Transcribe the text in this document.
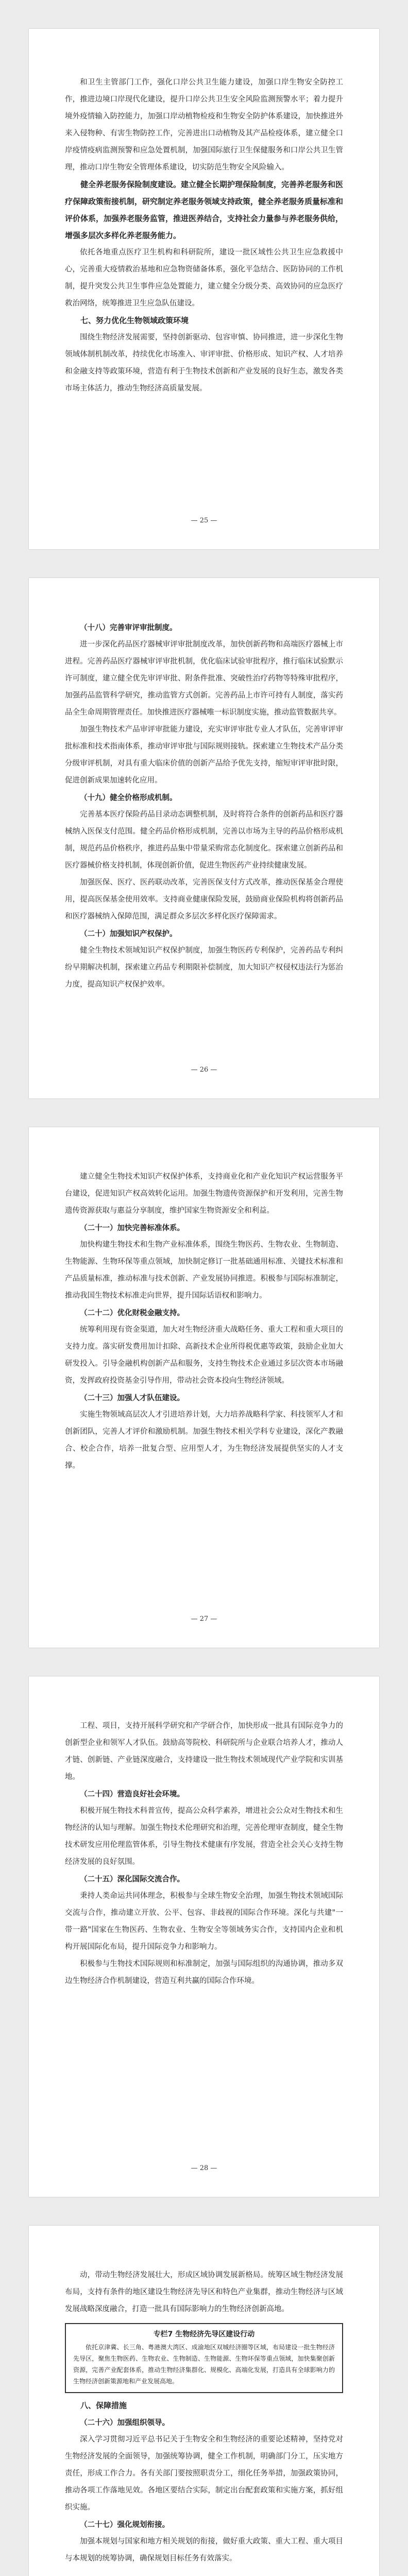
和卫生主管部门工作，强化口岸公共卫生能力建设，加强口岸生物安全防控工作，推进边境口岸现代化建设，提升口岸公共卫生安全风险监测预警水平；着力提升境外疫情输入防控能力，加强口岸动植物检疫和生物安全防护体系建设，加快推进外来入侵物种、有害生物防控工作，完善进出口动植物及其产品检疫体系，建立健全口岸疫情疫病监测预警和应急处置机制，加强国际旅行卫生保健服务和口岸公共卫生管理，推动口岸生物安全管理体系建设，切实防范生物安全风险输入。

健全养老服务保险制度建设。建立健全长期护理保险制度，完善养老服务和医疗保障政策衔接机制，研究制定养老服务领域支持政策，健全养老服务质量标准和评价体系，加强养老服务监管，推进医养结合，支持社会力量参与养老服务供给，增强多层次多样化养老服务能力。

依托各地重点医疗卫生机构和科研院所，建设一批区域性公共卫生应急救援中心，完善重大疫情救治基地和应急物资储备体系，强化平急结合、医防协同的工作机制，提升突发公共卫生事件应急处置能力，建立健全分级分类、高效协同的应急医疗救治网络，统筹推进卫生应急队伍建设。

七、努力优化生物领域政策环境

围绕生物经济发展需要，坚持创新驱动、包容审慎、协同推进，进一步深化生物领域体制机制改革，持续优化市场准入、审评审批、价格形成、知识产权、人才培养和金融支持等政策环境，营造有利于生物技术创新和产业发展的良好生态，激发各类市场主体活力，推动生物经济高质量发展。

— 25 —

（十八）完善审评审批制度。

进一步深化药品医疗器械审评审批制度改革，加快创新药物和高端医疗器械上市进程。完善药品医疗器械审评审批机制，优化临床试验审批程序，推行临床试验默示许可制度，建立健全优先审评审批、附条件批准、突破性治疗药物等特殊审批程序，加强药品监管科学研究，推动监管方式创新。完善药品上市许可持有人制度，落实药品全生命周期管理责任。加快推进医疗器械唯一标识制度实施，推动监管数据共享。

加强生物技术产品审评审批能力建设，充实审评审批专业人才队伍，完善审评审批标准和技术指南体系，推动审评审批与国际规则接轨。探索建立生物技术产品分类分级审评机制，对具有重大临床价值的创新产品给予优先支持，缩短审评审批时限，促进创新成果加速转化应用。

（十九）健全价格形成机制。

完善基本医疗保险药品目录动态调整机制，及时将符合条件的创新药品和医疗器械纳入医保支付范围。健全药品价格形成机制，完善以市场为主导的药品价格形成机制，规范药品价格秩序，推进药品集中带量采购常态化制度化。探索建立创新药品和医疗器械价格支持机制，体现创新价值，促进生物医药产业持续健康发展。

加强医保、医疗、医药联动改革，完善医保支付方式改革，推动医保基金合理使用，提高医保基金使用效率。支持商业健康保险发展，鼓励商业保险机构将创新药品和医疗器械纳入保障范围，满足群众多层次多样化医疗保障需求。

（二十）加强知识产权保护。

健全生物技术领域知识产权保护制度，加强生物医药专利保护，完善药品专利纠纷早期解决机制，探索建立药品专利期限补偿制度，加大知识产权侵权违法行为惩治力度，提高知识产权保护效率。

— 26 —

建立健全生物技术知识产权保护体系，支持商业化和产业化知识产权运营服务平台建设，促进知识产权高效转化运用。加强生物遗传资源保护和开发利用，完善生物遗传资源获取与惠益分享制度，维护国家生物资源安全和利益。

（二十一）加快完善标准体系。

加快构建生物技术和生物产业标准体系，围绕生物医药、生物农业、生物制造、生物能源、生物环保等重点领域，加快制定修订一批基础通用标准、关键技术标准和产品质量标准，推动标准与技术创新、产业发展协同推进。积极参与国际标准制定，推动我国生物技术标准走向世界，提升国际话语权和影响力。

（二十二）优化财税金融支持。

统筹利用现有资金渠道，加大对生物经济重大战略任务、重大工程和重大项目的支持力度。落实研发费用加计扣除、高新技术企业所得税优惠等政策，鼓励企业加大研发投入。引导金融机构创新产品和服务，支持生物技术企业通过多层次资本市场融资，发挥政府投资基金引导作用，带动社会资本投向生物经济领域。

（二十三）加强人才队伍建设。

实施生物领域高层次人才引进培养计划，大力培养战略科学家、科技领军人才和创新团队，完善人才评价和激励机制。加强生物技术相关学科专业建设，深化产教融合、校企合作，培养一批复合型、应用型人才，为生物经济发展提供坚实的人才支撑。

— 27 —

工程、项目，支持开展科学研究和产学研合作，加快形成一批具有国际竞争力的创新型企业和领军人才队伍。鼓励高等院校、科研院所与企业联合培养人才，推动人才链、创新链、产业链深度融合，支持建设一批生物技术领域现代产业学院和实训基地。

（二十四）营造良好社会环境。

积极开展生物技术科普宣传，提高公众科学素养，增进社会公众对生物技术和生物经济的认知与理解。加强生物技术伦理研究和治理，完善伦理审查制度，健全生物技术研发应用伦理监管体系，引导生物技术健康有序发展，营造全社会关心支持生物经济发展的良好氛围。

（二十五）深化国际交流合作。

秉持人类命运共同体理念，积极参与全球生物安全治理，加强生物技术领域国际交流与合作，推动建立开放、公平、包容、非歧视的国际合作环境。深化与共建"一带一路"国家在生物医药、生物农业、生物安全等领域务实合作，支持国内企业和机构开展国际化布局，提升国际竞争力和影响力。

积极参与生物技术国际规则和标准制定，加强与国际组织的沟通协调，推动多双边生物经济合作机制建设，营造互利共赢的国际合作环境。

— 28 —

动，带动生物经济发展壮大，形成区域协调发展新格局。统筹区域生物经济发展布局，支持有条件的地区建设生物经济先导区和特色产业集群，推动生物经济与区域发展战略深度融合，打造一批具有国际影响力的生物经济创新高地。

专栏7 生物经济先导区建设行动

依托京津冀、长三角、粤港澳大湾区、成渝地区双城经济圈等区域，布局建设一批生物经济先导区，聚焦生物医药、生物农业、生物制造、生物能源、生物环保等重点领域，加快集聚创新资源，完善产业配套体系，推动生物经济集群化、规模化、高端化发展，打造具有全球影响力的生物经济创新策源地和产业发展高地。

八、保障措施

（二十六）加强组织领导。

深入学习贯彻习近平总书记关于生物安全和生物经济的重要论述精神，坚持党对生物经济发展的全面领导，加强统筹协调，健全工作机制，明确部门分工，压实地方责任，形成工作合力。各有关部门要按照职责分工，细化任务举措，加强政策协同，推动各项工作落地见效。各地区要结合实际，制定出台配套政策和实施方案，抓好组织实施。

（二十七）强化规划衔接。

加强本规划与国家和地方相关规划的衔接，做好重大政策、重大工程、重大项目与本规划的统筹协调，确保规划目标任务有效落实。
